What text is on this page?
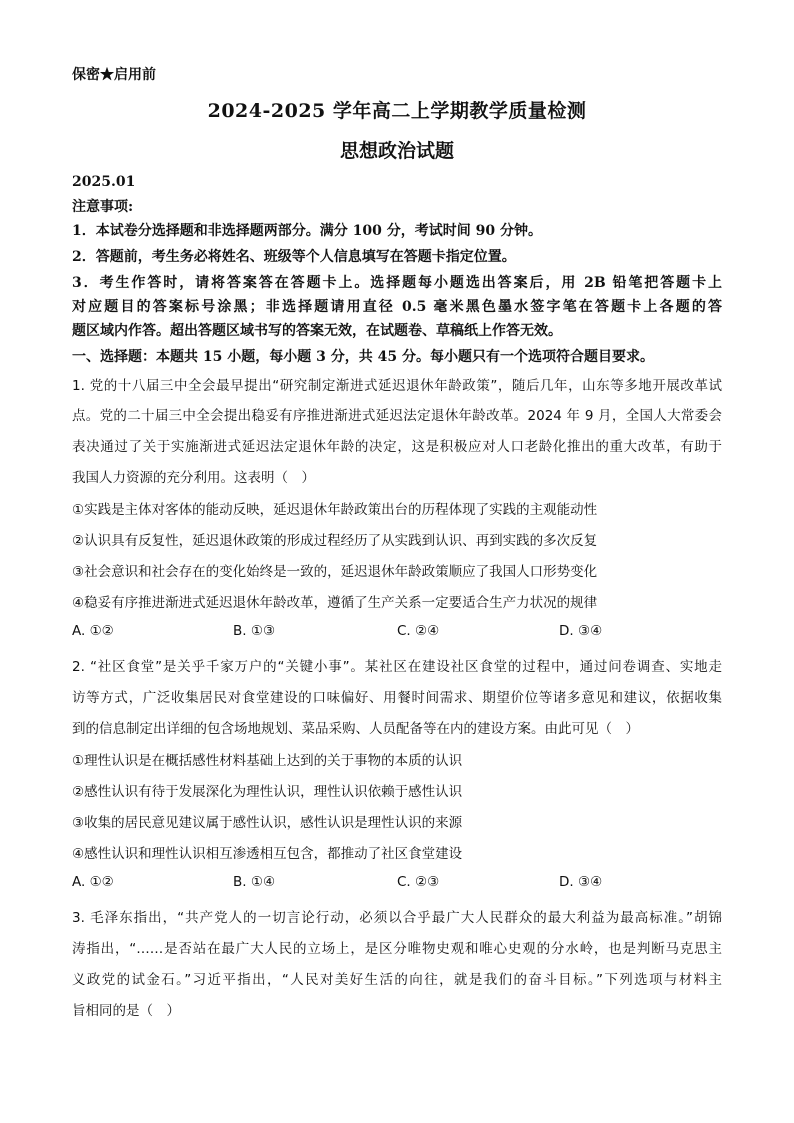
保密★启用前
2024-2025 学年高二上学期教学质量检测
思想政治试题
2025.01
注意事项:
1．本试卷分选择题和非选择题两部分。满分 100 分，考试时间 90 分钟。
2．答题前，考生务必将姓名、班级等个人信息填写在答题卡指定位置。
3．考生作答时，请将答案答在答题卡上。选择题每小题选出答案后，用 2B 铅笔把答题卡上
对应题目的答案标号涂黑；非选择题请用直径 0.5 毫米黑色墨水签字笔在答题卡上各题的答
题区域内作答。超出答题区域书写的答案无效，在试题卷、草稿纸上作答无效。
一、选择题：本题共 15 小题，每小题 3 分，共 45 分。每小题只有一个选项符合题目要求。
1. 党的十八届三中全会最早提出“研究制定渐进式延迟退休年龄政策”，随后几年，山东等多地开展改革试
点。党的二十届三中全会提出稳妥有序推进渐进式延迟法定退休年龄改革。2024 年 9 月，全国人大常委会
表决通过了关于实施渐进式延迟法定退休年龄的决定，这是积极应对人口老龄化推出的重大改革，有助于
我国人力资源的充分利用。这表明（　）
①实践是主体对客体的能动反映，延迟退休年龄政策出台的历程体现了实践的主观能动性
②认识具有反复性，延迟退休政策的形成过程经历了从实践到认识、再到实践的多次反复
③社会意识和社会存在的变化始终是一致的，延迟退休年龄政策顺应了我国人口形势变化
④稳妥有序推进渐进式延迟退休年龄改革，遵循了生产关系一定要适合生产力状况的规律
A. ①②	B. ①③	C. ②④	D. ③④
2. “社区食堂”是关乎千家万户的“关键小事”。某社区在建设社区食堂的过程中，通过问卷调查、实地走
访等方式，广泛收集居民对食堂建设的口味偏好、用餐时间需求、期望价位等诸多意见和建议，依据收集
到的信息制定出详细的包含场地规划、菜品采购、人员配备等在内的建设方案。由此可见（　）
①理性认识是在概括感性材料基础上达到的关于事物的本质的认识
②感性认识有待于发展深化为理性认识，理性认识依赖于感性认识
③收集的居民意见建议属于感性认识，感性认识是理性认识的来源
④感性认识和理性认识相互渗透相互包含，都推动了社区食堂建设
A. ①②	B. ①④	C. ②③	D. ③④
3. 毛泽东指出，“共产党人的一切言论行动，必须以合乎最广大人民群众的最大利益为最高标准。”胡锦
涛指出，“……是否站在最广大人民的立场上，是区分唯物史观和唯心史观的分水岭，也是判断马克思主
义政党的试金石。”习近平指出，“人民对美好生活的向往，就是我们的奋斗目标。”下列选项与材料主
旨相同的是（　）
